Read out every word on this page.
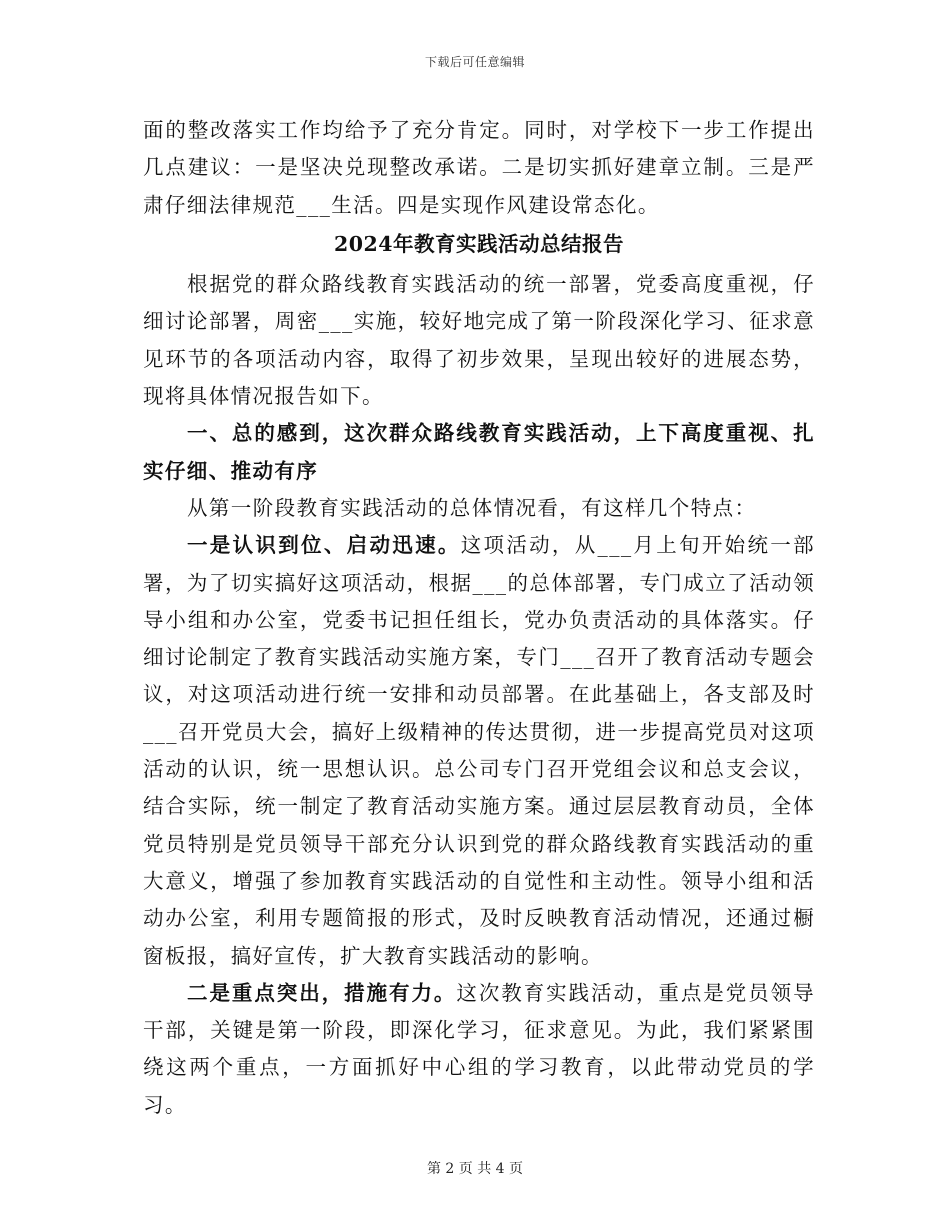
下载后可任意编辑

面的整改落实工作均给予了充分肯定。同时，对学校下一步工作提出几点建议：一是坚决兑现整改承诺。二是切实抓好建章立制。三是严肃仔细法律规范___生活。四是实现作风建设常态化。

2024年教育实践活动总结报告

根据党的群众路线教育实践活动的统一部署，党委高度重视，仔细讨论部署，周密___实施，较好地完成了第一阶段深化学习、征求意见环节的各项活动内容，取得了初步效果，呈现出较好的进展态势，现将具体情况报告如下。

一、总的感到，这次群众路线教育实践活动，上下高度重视、扎实仔细、推动有序

从第一阶段教育实践活动的总体情况看，有这样几个特点：

一是认识到位、启动迅速。这项活动，从___月上旬开始统一部署，为了切实搞好这项活动，根据___的总体部署，专门成立了活动领导小组和办公室，党委书记担任组长，党办负责活动的具体落实。仔细讨论制定了教育实践活动实施方案，专门___召开了教育活动专题会议，对这项活动进行统一安排和动员部署。在此基础上，各支部及时___召开党员大会，搞好上级精神的传达贯彻，进一步提高党员对这项活动的认识，统一思想认识。总公司专门召开党组会议和总支会议，结合实际，统一制定了教育活动实施方案。通过层层教育动员，全体党员特别是党员领导干部充分认识到党的群众路线教育实践活动的重大意义，增强了参加教育实践活动的自觉性和主动性。领导小组和活动办公室，利用专题简报的形式，及时反映教育活动情况，还通过橱窗板报，搞好宣传，扩大教育实践活动的影响。

二是重点突出，措施有力。这次教育实践活动，重点是党员领导干部，关键是第一阶段，即深化学习，征求意见。为此，我们紧紧围绕这两个重点，一方面抓好中心组的学习教育，以此带动党员的学习。

第 2 页 共 4 页
